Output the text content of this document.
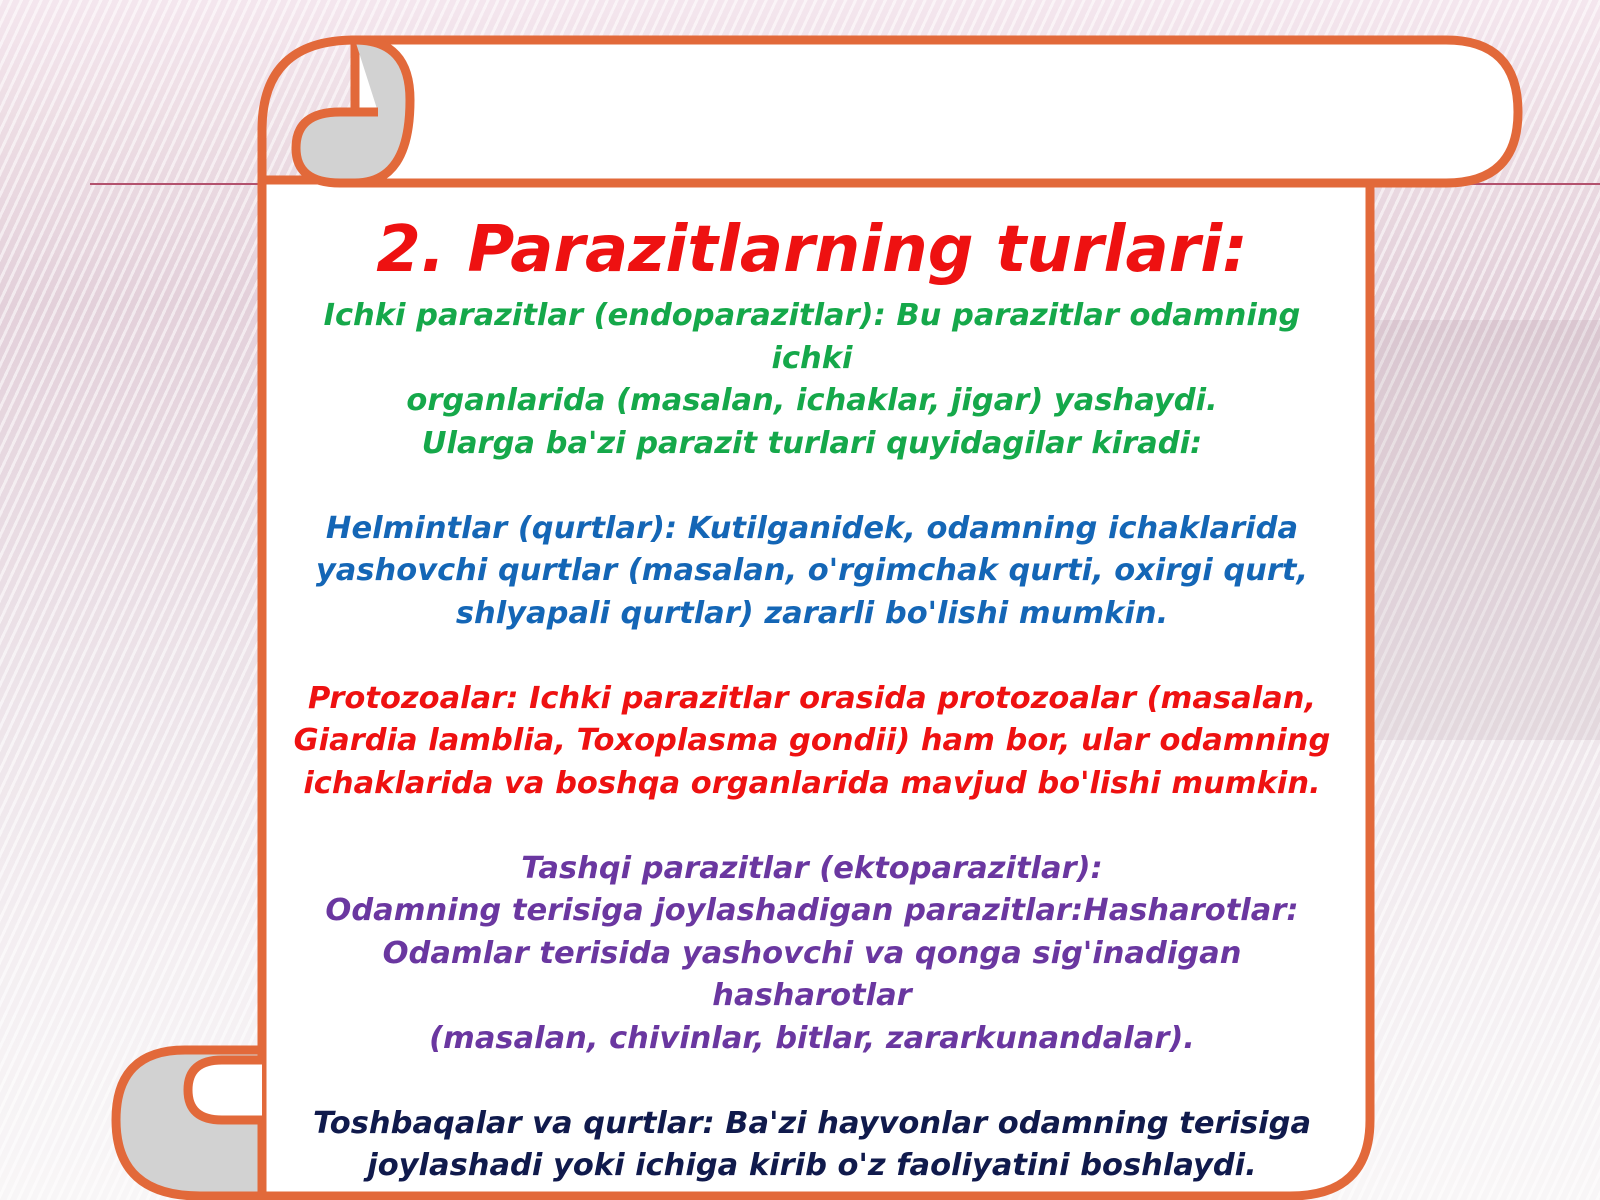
2. Parazitlarning turlari:
Ichki parazitlar (endoparazitlar): Bu parazitlar odamning ichki
organlarida (masalan, ichaklar, jigar) yashaydi.
Ularga ba'zi parazit turlari quyidagilar kiradi:
Helmintlar (qurtlar): Kutilganidek, odamning ichaklarida
yashovchi qurtlar (masalan, o'rgimchak qurti, oxirgi qurt,
shlyapali qurtlar) zararli bo'lishi mumkin.
Protozoalar: Ichki parazitlar orasida protozoalar (masalan,
Giardia lamblia, Toxoplasma gondii) ham bor, ular odamning
ichaklarida va boshqa organlarida mavjud bo'lishi mumkin.
Tashqi parazitlar (ektoparazitlar):
Odamning terisiga joylashadigan parazitlar:Hasharotlar:
Odamlar terisida yashovchi va qonga sig'inadigan hasharotlar
(masalan, chivinlar, bitlar, zararkunandalar).
Toshbaqalar va qurtlar: Ba'zi hayvonlar odamning terisiga
joylashadi yoki ichiga kirib o'z faoliyatini boshlaydi.
